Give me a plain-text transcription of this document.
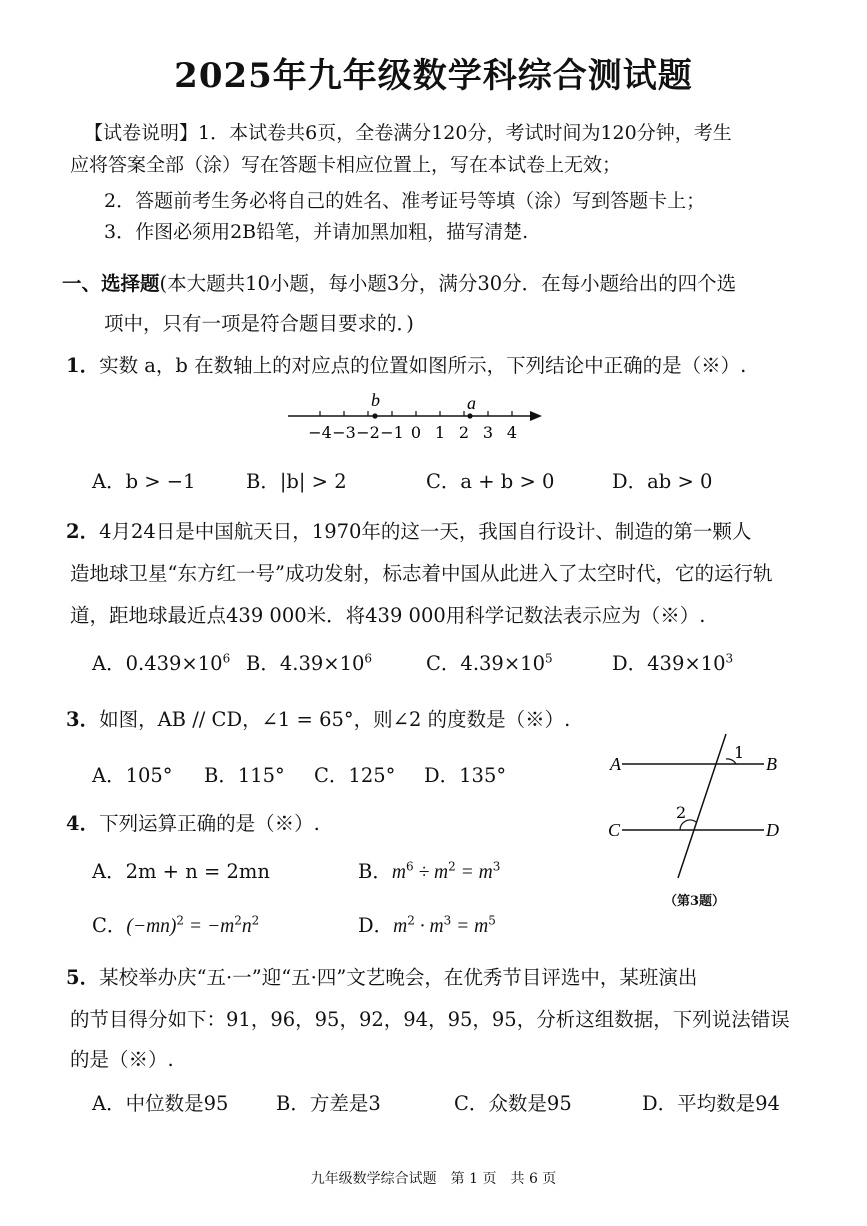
2025年九年级数学科综合测试题
【试卷说明】1．本试卷共6页，全卷满分120分，考试时间为120分钟，考生
应将答案全部（涂）写在答题卡相应位置上，写在本试卷上无效；
2．答题前考生务必将自己的姓名、准考证号等填（涂）写到答题卡上；
3．作图必须用2B铅笔，并请加黑加粗，描写清楚.
一、选择题(本大题共10小题，每小题3分，满分30分．在每小题给出的四个选
项中，只有一项是符合题目要求的．)
1．实数 a，b 在数轴上的对应点的位置如图所示，下列结论中正确的是（※）.
−4 −3 −2 −1 0 1 2 3 4
b	a
A．b > −1	B．|b| > 2	C．a + b > 0	D．ab > 0
2．4月24日是中国航天日，1970年的这一天，我国自行设计、制造的第一颗人
造地球卫星“东方红一号”成功发射，标志着中国从此进入了太空时代，它的运行轨
道，距地球最近点439 000米．将439 000用科学记数法表示应为（※）.
A．$0.439\times 10^6$ B．$4.39\times 10^6$	C．$4.39\times 10^5$	D．$439\times 10^3$
3．如图，AB // CD，∠1 = 65°，则∠2 的度数是（※）.
A．105° B．115° C．125° D．135°	A	B
C	D
1
2
（第3题）
4．下列运算正确的是（※）.
A．2m + n = 2mn	B．$m^6 \div m^2 = m^3$
C．$(-mn)^2 = -m^2n^2$	D．$m^2 \cdot m^3 = m^5$
5．某校举办庆“五·一”迎“五·四”文艺晚会，在优秀节目评选中，某班演出
的节目得分如下：91，96，95，92，94，95，95，分析这组数据，下列说法错误
的是（※）.
A．中位数是95 B．方差是3	C．众数是95	D．平均数是94
九年级数学综合试题　第 1 页　共 6 页
